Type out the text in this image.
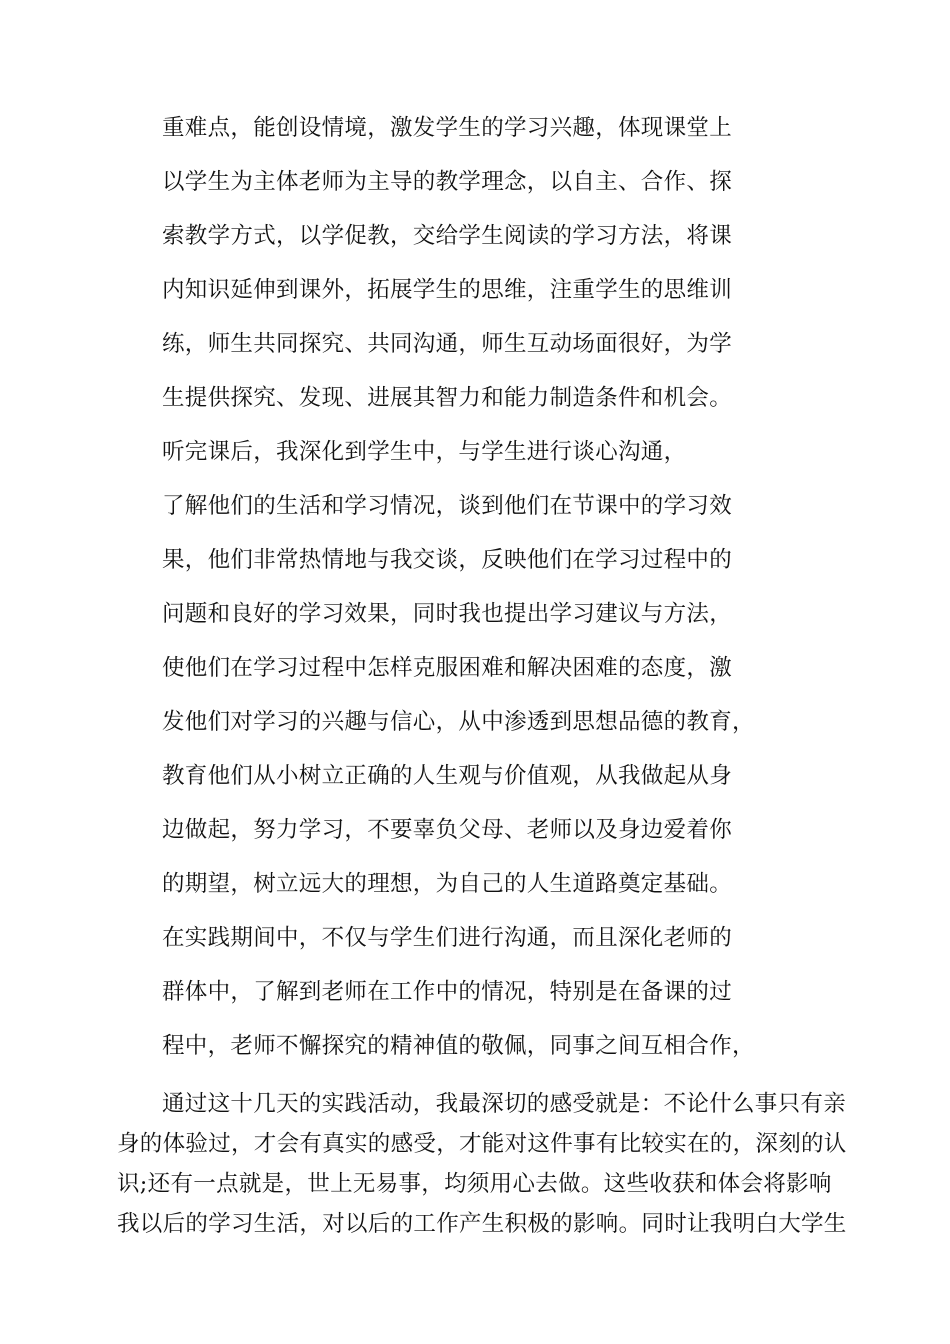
重难点，能创设情境，激发学生的学习兴趣，体现课堂上
以学生为主体老师为主导的教学理念，以自主、合作、探
索教学方式，以学促教，交给学生阅读的学习方法，将课
内知识延伸到课外，拓展学生的思维，注重学生的思维训
练，师生共同探究、共同沟通，师生互动场面很好，为学
生提供探究、发现、进展其智力和能力制造条件和机会。
听完课后，我深化到学生中，与学生进行谈心沟通，
了解他们的生活和学习情况，谈到他们在节课中的学习效
果，他们非常热情地与我交谈，反映他们在学习过程中的
问题和良好的学习效果，同时我也提出学习建议与方法，
使他们在学习过程中怎样克服困难和解决困难的态度，激
发他们对学习的兴趣与信心，从中渗透到思想品德的教育，
教育他们从小树立正确的人生观与价值观，从我做起从身
边做起，努力学习，不要辜负父母、老师以及身边爱着你
的期望，树立远大的理想，为自己的人生道路奠定基础。
在实践期间中，不仅与学生们进行沟通，而且深化老师的
群体中，了解到老师在工作中的情况，特别是在备课的过
程中，老师不懈探究的精神值的敬佩，同事之间互相合作，
通过这十几天的实践活动，我最深切的感受就是：不论什么事只有亲
身的体验过，才会有真实的感受，才能对这件事有比较实在的，深刻的认
识;还有一点就是，世上无易事，均须用心去做。这些收获和体会将影响
我以后的学习生活，对以后的工作产生积极的影响。同时让我明白大学生
